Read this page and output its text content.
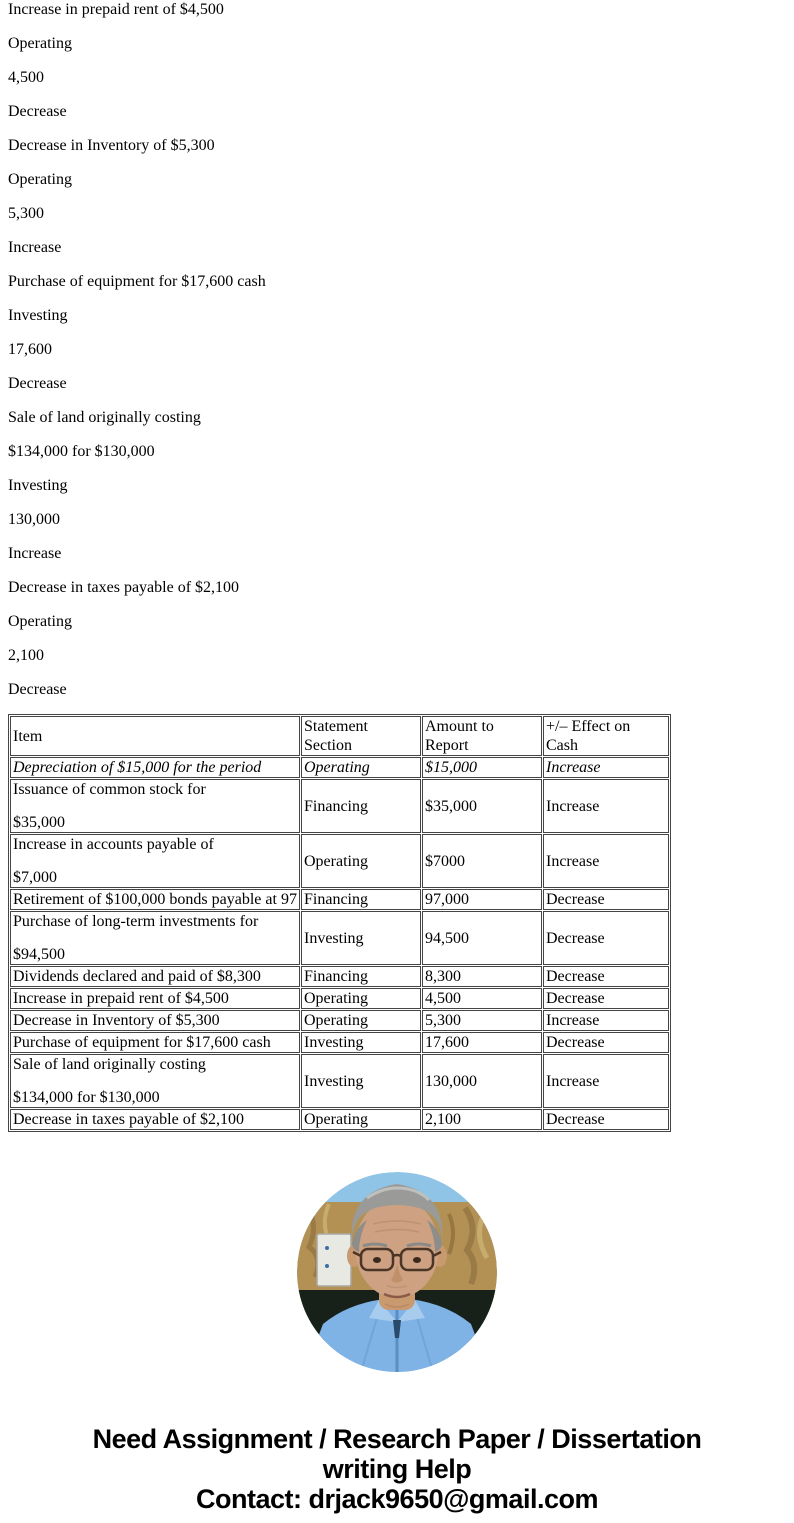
Increase in prepaid rent of $4,500

Operating

4,500

Decrease

Decrease in Inventory of $5,300

Operating

5,300

Increase

Purchase of equipment for $17,600 cash

Investing

17,600

Decrease

Sale of land originally costing

$134,000 for $130,000

Investing

130,000

Increase

Decrease in taxes payable of $2,100

Operating

2,100

Decrease

Item	Statement Section	Amount to Report	+/– Effect on Cash

Depreciation of $15,000 for the period	Operating	$15,000	Increase

Issuance of common stock for

$35,000	Financing	$35,000	Increase

Increase in accounts payable of

$7,000	Operating	$7000	Increase

Retirement of $100,000 bonds payable at 97	Financing	97,000	Decrease

Purchase of long-term investments for

$94,500	Investing	94,500	Decrease

Dividends declared and paid of $8,300	Financing	8,300	Decrease

Increase in prepaid rent of $4,500	Operating	4,500	Decrease

Decrease in Inventory of $5,300	Operating	5,300	Increase

Purchase of equipment for $17,600 cash	Investing	17,600	Decrease

Sale of land originally costing

$134,000 for $130,000	Investing	130,000	Increase

Decrease in taxes payable of $2,100	Operating	2,100	Decrease
Need Assignment / Research Paper / Dissertation
writing Help
Contact: drjack9650@gmail.com
